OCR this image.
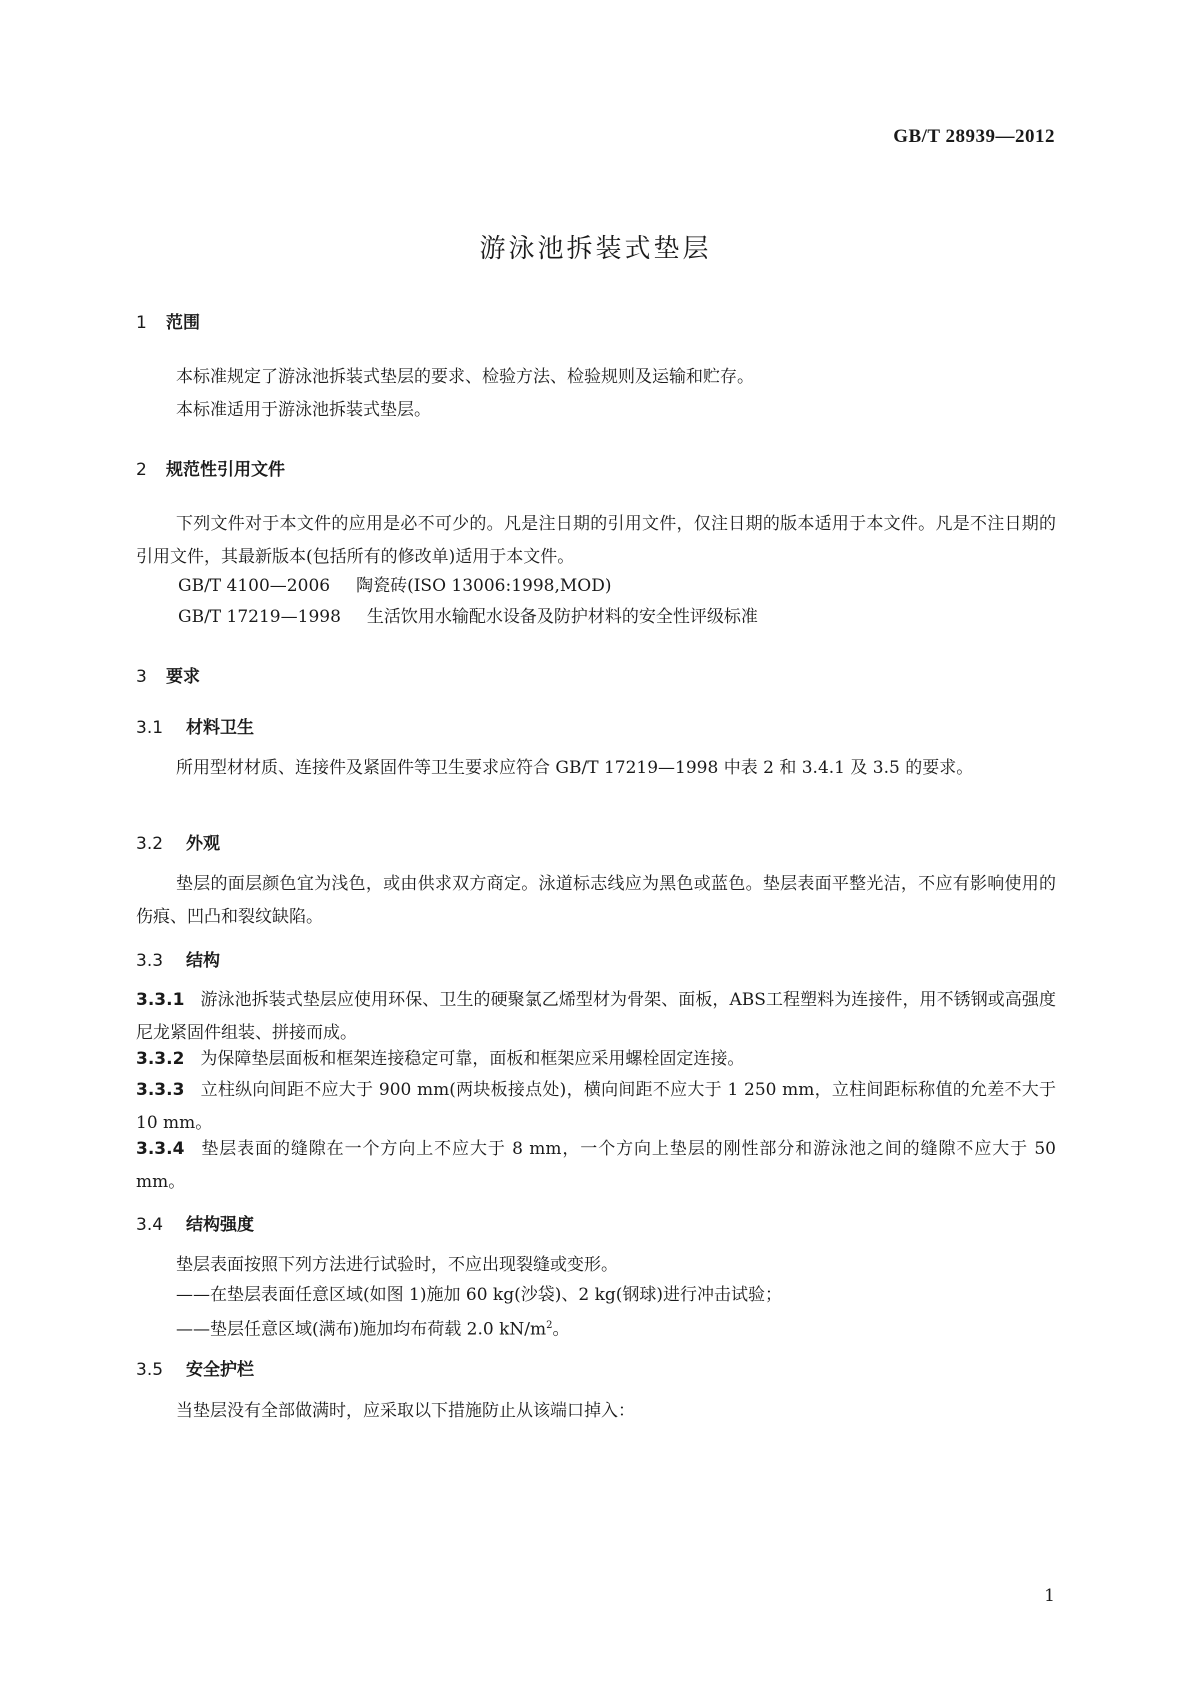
GB/T 28939—2012
游泳池拆装式垫层
1 范围

本标准规定了游泳池拆装式垫层的要求、检验方法、检验规则及运输和贮存。

本标准适用于游泳池拆装式垫层。

2 规范性引用文件

下列文件对于本文件的应用是必不可少的。凡是注日期的引用文件，仅注日期的版本适用于本文件。凡是不注日期的引用文件，其最新版本(包括所有的修改单)适用于本文件。

GB/T 4100—2006 陶瓷砖(ISO 13006:1998,MOD)
GB/T 17219—1998 生活饮用水输配水设备及防护材料的安全性评级标准
3 要求
3.1 材料卫生

所用型材材质、连接件及紧固件等卫生要求应符合 GB/T 17219—1998 中表 2 和 3.4.1 及 3.5 的要求。

3.2 外观

垫层的面层颜色宜为浅色，或由供求双方商定。泳道标志线应为黑色或蓝色。垫层表面平整光洁，不应有影响使用的伤痕、凹凸和裂纹缺陷。

3.3 结构

3.3.1 游泳池拆装式垫层应使用环保、卫生的硬聚氯乙烯型材为骨架、面板，ABS工程塑料为连接件，用不锈钢或高强度尼龙紧固件组装、拼接而成。

3.3.2 为保障垫层面板和框架连接稳定可靠，面板和框架应采用螺栓固定连接。

3.3.3 立柱纵向间距不应大于 900 mm(两块板接点处)，横向间距不应大于 1 250 mm，立柱间距标称值的允差不大于 10 mm。

3.3.4 垫层表面的缝隙在一个方向上不应大于 8 mm，一个方向上垫层的刚性部分和游泳池之间的缝隙不应大于 50 mm。

3.4 结构强度

垫层表面按照下列方法进行试验时，不应出现裂缝或变形。

——在垫层表面任意区域(如图 1)施加 60 kg(沙袋)、2 kg(钢球)进行冲击试验；

——垫层任意区域(满布)施加均布荷载 2.0 $kN/m^2$。

3.5 安全护栏

当垫层没有全部做满时，应采取以下措施防止从该端口掉入：

1
